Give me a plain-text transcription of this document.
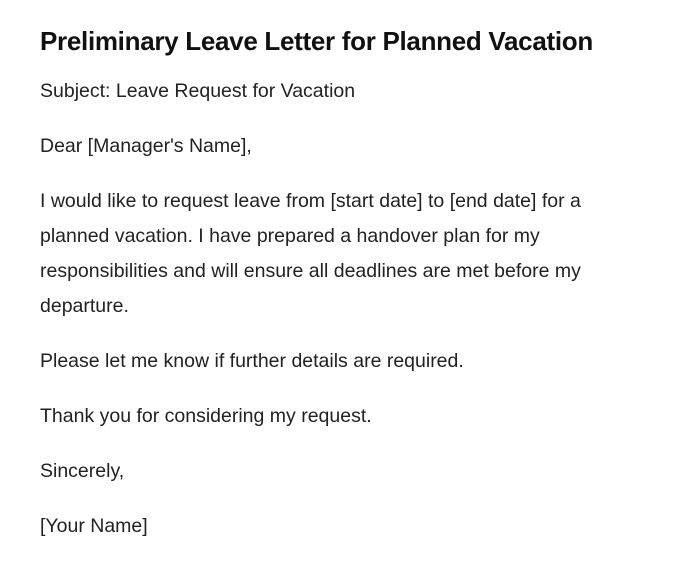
Preliminary Leave Letter for Planned Vacation

Subject: Leave Request for Vacation

Dear [Manager's Name],

I would like to request leave from [start date] to [end date] for a planned vacation. I have prepared a handover plan for my responsibilities and will ensure all deadlines are met before my departure.

Please let me know if further details are required.

Thank you for considering my request.

Sincerely,

[Your Name]
